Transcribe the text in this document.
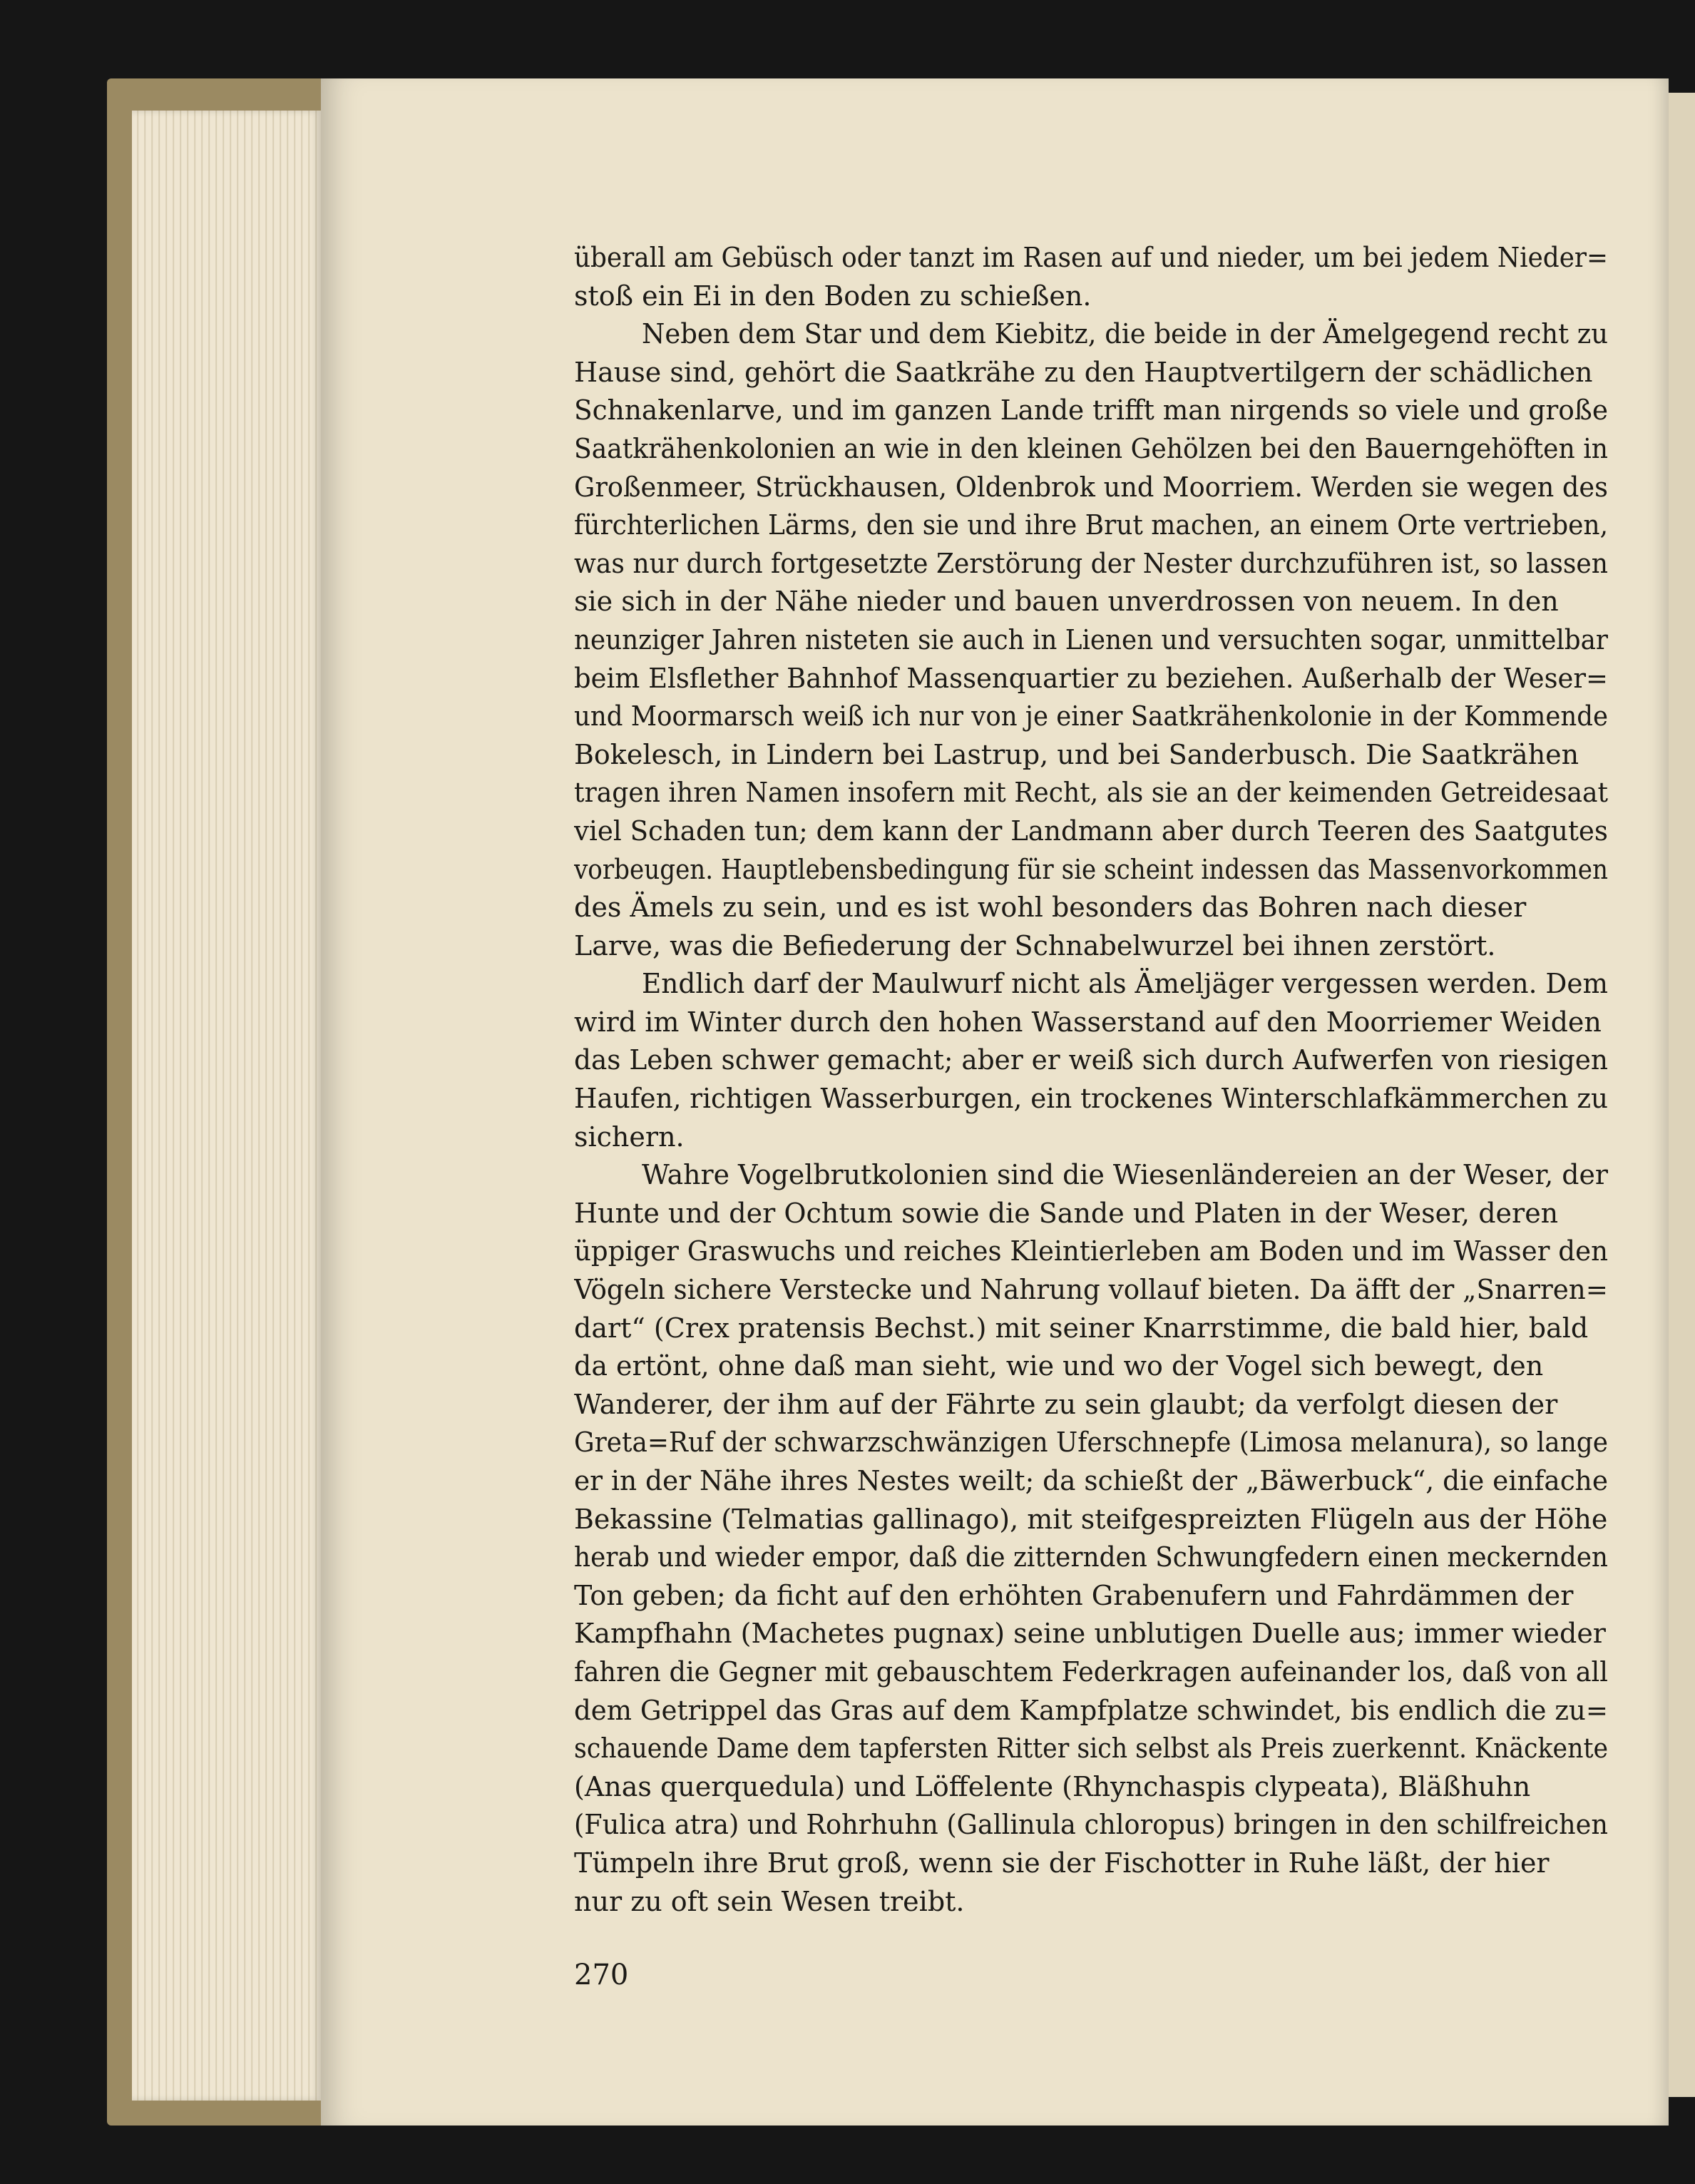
überall am Gebüsch oder tanzt im Rasen auf und nieder, um bei jedem Nieder=
stoß ein Ei in den Boden zu schießen.
Neben dem Star und dem Kiebitz, die beide in der Ämelgegend recht zu
Hause sind, gehört die Saatkrähe zu den Hauptvertilgern der schädlichen
Schnakenlarve, und im ganzen Lande trifft man nirgends so viele und große
Saatkrähenkolonien an wie in den kleinen Gehölzen bei den Bauerngehöften in
Großenmeer, Strückhausen, Oldenbrok und Moorriem. Werden sie wegen des
fürchterlichen Lärms, den sie und ihre Brut machen, an einem Orte vertrieben,
was nur durch fortgesetzte Zerstörung der Nester durchzuführen ist, so lassen
sie sich in der Nähe nieder und bauen unverdrossen von neuem. In den
neunziger Jahren nisteten sie auch in Lienen und versuchten sogar, unmittelbar
beim Elsflether Bahnhof Massenquartier zu beziehen. Außerhalb der Weser=
und Moormarsch weiß ich nur von je einer Saatkrähenkolonie in der Kommende
Bokelesch, in Lindern bei Lastrup, und bei Sanderbusch. Die Saatkrähen
tragen ihren Namen insofern mit Recht, als sie an der keimenden Getreidesaat
viel Schaden tun; dem kann der Landmann aber durch Teeren des Saatgutes
vorbeugen. Hauptlebensbedingung für sie scheint indessen das Massenvorkommen
des Ämels zu sein, und es ist wohl besonders das Bohren nach dieser
Larve, was die Befiederung der Schnabelwurzel bei ihnen zerstört.
Endlich darf der Maulwurf nicht als Ämeljäger vergessen werden. Dem
wird im Winter durch den hohen Wasserstand auf den Moorriemer Weiden
das Leben schwer gemacht; aber er weiß sich durch Aufwerfen von riesigen
Haufen, richtigen Wasserburgen, ein trockenes Winterschlafkämmerchen zu
sichern.
Wahre Vogelbrutkolonien sind die Wiesenländereien an der Weser, der
Hunte und der Ochtum sowie die Sande und Platen in der Weser, deren
üppiger Graswuchs und reiches Kleintierleben am Boden und im Wasser den
Vögeln sichere Verstecke und Nahrung vollauf bieten. Da äfft der „Snarren=
dart“ (Crex pratensis Bechst.) mit seiner Knarrstimme, die bald hier, bald
da ertönt, ohne daß man sieht, wie und wo der Vogel sich bewegt, den
Wanderer, der ihm auf der Fährte zu sein glaubt; da verfolgt diesen der
Greta=Ruf der schwarzschwänzigen Uferschnepfe (Limosa melanura), so lange
er in der Nähe ihres Nestes weilt; da schießt der „Bäwerbuck“, die einfache
Bekassine (Telmatias gallinago), mit steifgespreizten Flügeln aus der Höhe
herab und wieder empor, daß die zitternden Schwungfedern einen meckernden
Ton geben; da ficht auf den erhöhten Grabenufern und Fahrdämmen der
Kampfhahn (Machetes pugnax) seine unblutigen Duelle aus; immer wieder
fahren die Gegner mit gebauschtem Federkragen aufeinander los, daß von all
dem Getrippel das Gras auf dem Kampfplatze schwindet, bis endlich die zu=
schauende Dame dem tapfersten Ritter sich selbst als Preis zuerkennt. Knäckente
(Anas querquedula) und Löffelente (Rhynchaspis clypeata), Bläßhuhn
(Fulica atra) und Rohrhuhn (Gallinula chloropus) bringen in den schilfreichen
Tümpeln ihre Brut groß, wenn sie der Fischotter in Ruhe läßt, der hier
nur zu oft sein Wesen treibt.
270
